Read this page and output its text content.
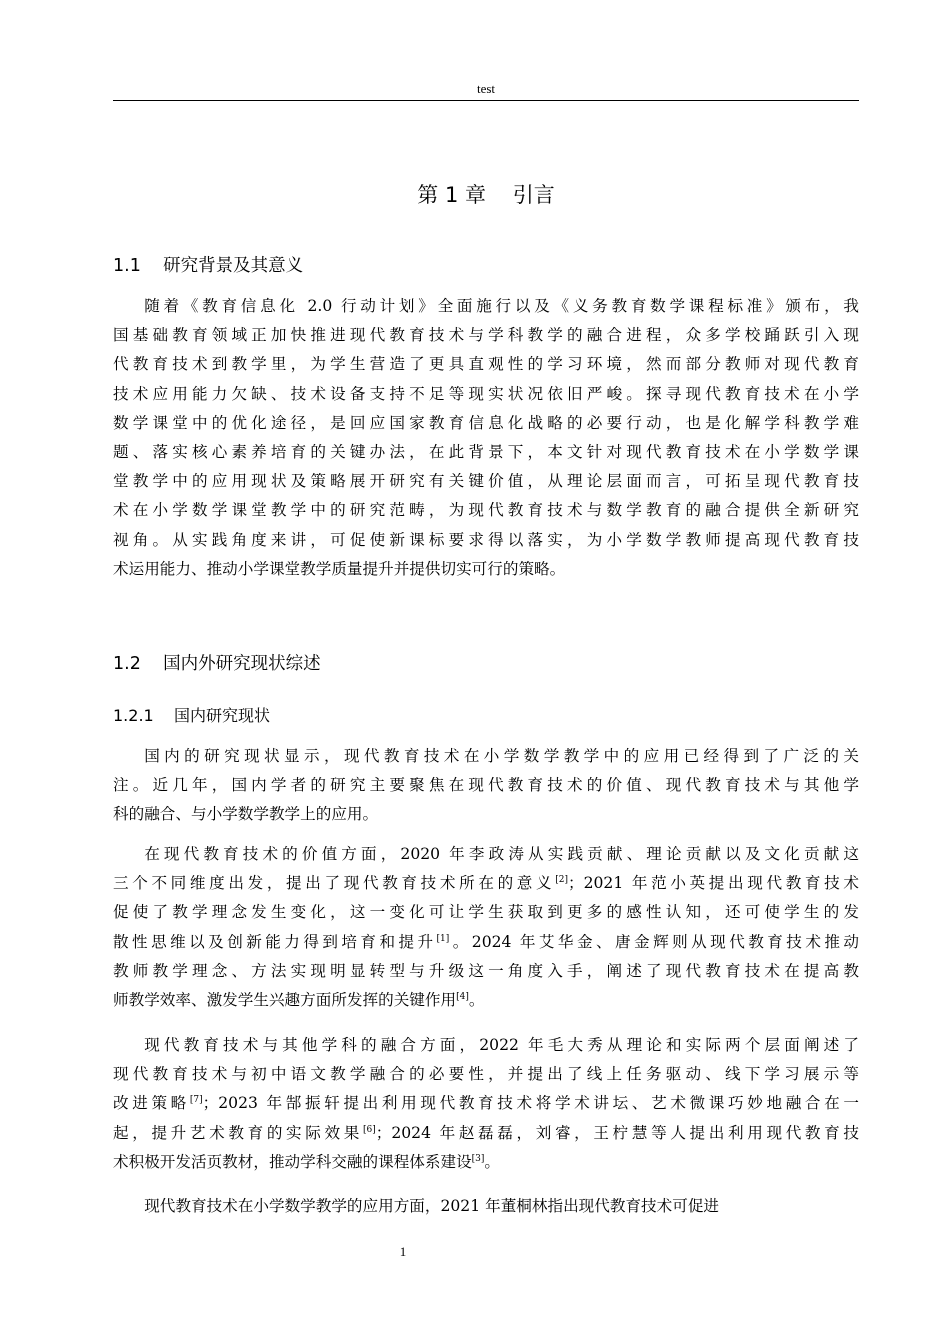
test
第 1 章    引言
1.1    研究背景及其意义
随着《教育信息化 2.0 行动计划》全面施行以及《义务教育数学课程标准》颁布，我
国基础教育领域正加快推进现代教育技术与学科教学的融合进程，众多学校踊跃引入现
代教育技术到教学里，为学生营造了更具直观性的学习环境，然而部分教师对现代教育
技术应用能力欠缺、技术设备支持不足等现实状况依旧严峻。探寻现代教育技术在小学
数学课堂中的优化途径，是回应国家教育信息化战略的必要行动，也是化解学科教学难
题、落实核心素养培育的关键办法，在此背景下，本文针对现代教育技术在小学数学课
堂教学中的应用现状及策略展开研究有关键价值，从理论层面而言，可拓呈现代教育技
术在小学数学课堂教学中的研究范畴，为现代教育技术与数学教育的融合提供全新研究
视角。从实践角度来讲，可促使新课标要求得以落实，为小学数学教师提高现代教育技
术运用能力、推动小学课堂教学质量提升并提供切实可行的策略。
1.2    国内外研究现状综述
1.2.1    国内研究现状
国内的研究现状显示，现代教育技术在小学数学教学中的应用已经得到了广泛的关
注。近几年，国内学者的研究主要聚焦在现代教育技术的价值、现代教育技术与其他学
科的融合、与小学数学教学上的应用。
在现代教育技术的价值方面，2020 年李政涛从实践贡献、理论贡献以及文化贡献这
三个不同维度出发，提出了现代教育技术所在的意义[2]；2021 年范小英提出现代教育技术
促使了教学理念发生变化，这一变化可让学生获取到更多的感性认知，还可使学生的发
散性思维以及创新能力得到培育和提升[1]。2024 年艾华金、唐金辉则从现代教育技术推动
教师教学理念、方法实现明显转型与升级这一角度入手，阐述了现代教育技术在提高教
师教学效率、激发学生兴趣方面所发挥的关键作用[4]。
现代教育技术与其他学科的融合方面，2022 年毛大秀从理论和实际两个层面阐述了
现代教育技术与初中语文教学融合的必要性，并提出了线上任务驱动、线下学习展示等
改进策略[7]；2023 年郜振轩提出利用现代教育技术将学术讲坛、艺术微课巧妙地融合在一
起，提升艺术教育的实际效果[6]；2024 年赵磊磊，刘睿，王柠慧等人提出利用现代教育技
术积极开发活页教材，推动学科交融的课程体系建设[3]。
现代教育技术在小学数学教学的应用方面，2021 年董桐林指出现代教育技术可促进
1
